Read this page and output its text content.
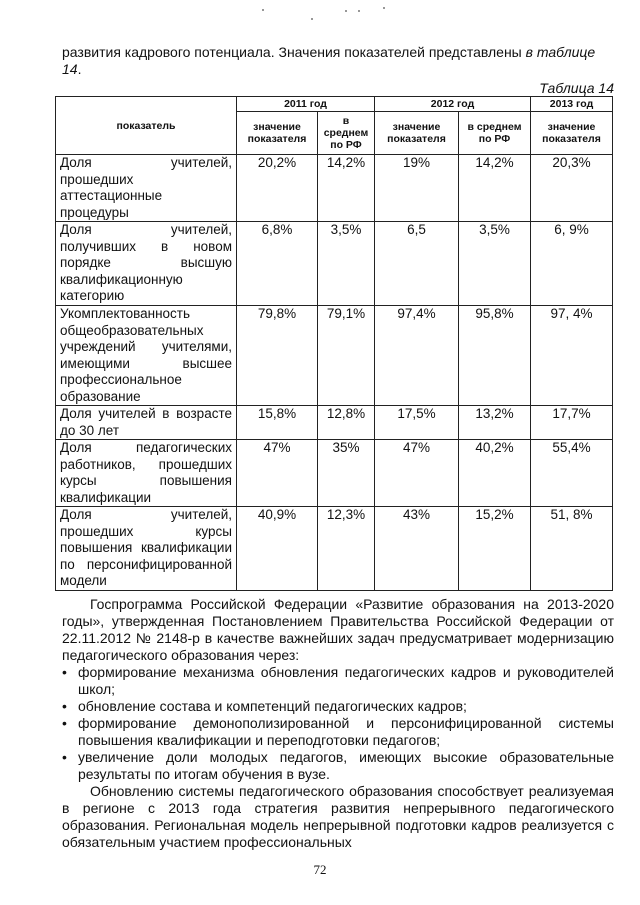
развития кадрового потенциала. Значения показателей представлены в таблице 14.
Таблица 14
показатель	2011 год		2012 год		2013 год
	значение показателя	в среднем по РФ	значение показателя	в среднем по РФ	значение показателя
Доля учителей, прошедших аттестационные процедуры	20,2%	14,2%	19%	14,2%	20,3%
Доля учителей, получивших в новом порядке высшую квалификационную категорию	6,8%	3,5%	6,5	3,5%	6, 9%
Укомплектованность общеобразовательных учреждений учителями, имеющими высшее профессиональное образование	79,8%	79,1%	97,4%	95,8%	97, 4%
Доля учителей в возрасте до 30 лет	15,8%	12,8%	17,5%	13,2%	17,7%
Доля педагогических работников, прошедших курсы повышения квалификации	47%	35%	47%	40,2%	55,4%
Доля учителей, прошедших курсы повышения квалификации по персонифицированной модели	40,9%	12,3%	43%	15,2%	51, 8%

Госпрограмма Российской Федерации «Развитие образования на 2013-2020 годы», утвержденная Постановлением Правительства Российской Федерации от 22.11.2012 № 2148-р в качестве важнейших задач предусматривает модернизацию педагогического образования через:

• формирование механизма обновления педагогических кадров и руководителей школ;
• обновление состава и компетенций педагогических кадров;
• формирование демонополизированной и персонифицированной системы повышения квалификации и переподготовки педагогов;
• увеличение доли молодых педагогов, имеющих высокие образовательные результаты по итогам обучения в вузе.

Обновлению системы педагогического образования способствует реализуемая в регионе с 2013 года стратегия развития непрерывного педагогического образования. Региональная модель непрерывной подготовки кадров реализуется с обязательным участием профессиональных

72
